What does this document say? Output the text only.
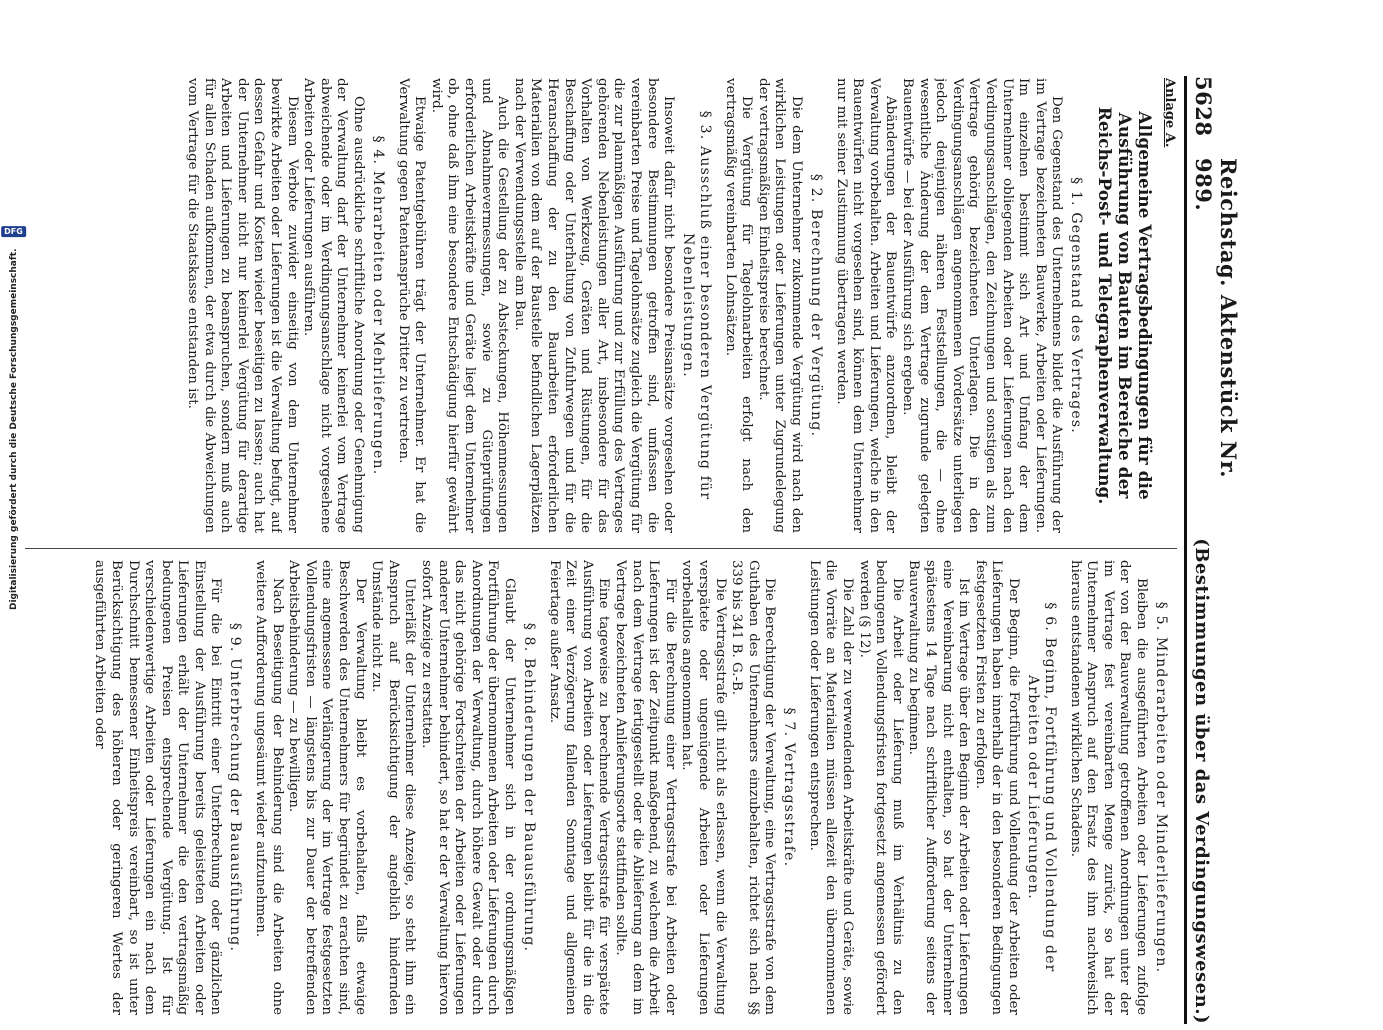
5628
Reichstag. Aktenstück Nr. 989.
(Bestimmungen über das Verdingungswesen.)

Anlage A.

Allgemeine Vertragsbedingungen für die Ausführung von Bauten im Bereiche der Reichs-Post- und Telegraphenverwaltung.

§ 1. Gegenstand des Vertrages.

Den Gegenstand des Unternehmens bildet die Ausführung der im Vertrage bezeichneten Bauwerke, Arbeiten oder Lieferungen. Im einzelnen bestimmt sich Art und Umfang der dem Unternehmer obliegenden Arbeiten oder Lieferungen nach den Verdingungsanschlägen, den Zeichnungen und sonstigen als zum Vertrage gehörig bezeichneten Unterlagen. Die in den Verdingungsanschlägen angenommenen Vordersätze unterliegen jedoch denjenigen näheren Feststellungen, die — ohne wesentliche Änderung der dem Vertrage zugrunde gelegten Bauentwürfe — bei der Ausführung sich ergeben.

Abänderungen der Bauentwürfe anzuordnen, bleibt der Verwaltung vorbehalten. Arbeiten und Lieferungen, welche in den Bauentwürfen nicht vorgesehen sind, können dem Unternehmer nur mit seiner Zustimmung übertragen werden.

§ 2. Berechnung der Vergütung.

Die dem Unternehmer zukommende Vergütung wird nach den wirklichen Leistungen oder Lieferungen unter Zugrundelegung der vertragsmäßigen Einheitspreise berechnet.

Die Vergütung für Tagelohnarbeiten erfolgt nach den vertragsmäßig vereinbarten Lohnsätzen.

§ 3. Ausschluß einer besonderen Vergütung für Nebenleistungen.

Insoweit dafür nicht besondere Preisansätze vorgesehen oder besondere Bestimmungen getroffen sind, umfassen die vereinbarten Preise und Tagelohnsätze zugleich die Vergütung für die zur planmäßigen Ausführung und zur Erfüllung des Vertrages gehörenden Nebenleistungen aller Art, insbesondere für das Vorhalten von Werkzeug, Geräten und Rüstungen, für die Beschaffung oder Unterhaltung von Zufuhrwegen und für die Heranschaffung der zu den Bauarbeiten erforderlichen Materialien von dem auf der Baustelle befindlichen Lagerplätzen nach der Verwendungsstelle am Bau.

Auch die Gestellung der zu Absteckungen, Höhenmessungen und Abnahmevermessungen, sowie zu Güteprüfungen erforderlichen Arbeitskräfte und Geräte liegt dem Unternehmer ob, ohne daß ihm eine besondere Entschädigung hierfür gewährt wird.

Etwaige Patentgebühren trägt der Unternehmer. Er hat die Verwaltung gegen Patentansprüche Dritter zu vertreten.

§ 4. Mehrarbeiten oder Mehrlieferungen.

Ohne ausdrückliche schriftliche Anordnung oder Genehmigung der Verwaltung darf der Unternehmer keinerlei vom Vertrage abweichende oder im Verdingungsanschlage nicht vorgesehene Arbeiten oder Lieferungen ausführen.

Diesem Verbote zuwider einseitig von dem Unternehmer bewirkte Arbeiten oder Lieferungen ist die Verwaltung befugt, auf dessen Gefahr und Kosten wieder beseitigen zu lassen; auch hat der Unternehmer nicht nur keinerlei Vergütung für derartige Arbeiten und Lieferungen zu beanspruchen, sondern muß auch für allen Schaden aufkommen, der etwa durch die Abweichungen vom Vertrage für die Staatskasse entstanden ist.

§ 5. Minderarbeiten oder Minderlieferungen.

Bleiben die ausgeführten Arbeiten oder Lieferungen zufolge der von der Bauverwaltung getroffenen Anordnungen unter der im Vertrage fest vereinbarten Menge zurück, so hat der Unternehmer Anspruch auf den Ersatz des ihm nachweislich hieraus entstandenen wirklichen Schadens.

§ 6. Beginn, Fortführung und Vollendung der Arbeiten oder Lieferungen.

Der Beginn, die Fortführung und Vollendung der Arbeiten oder Lieferungen haben innerhalb der in den besonderen Bedingungen festgesetzten Fristen zu erfolgen.

Ist im Vertrage über den Beginn der Arbeiten oder Lieferungen eine Vereinbarung nicht enthalten, so hat der Unternehmer spätestens 14 Tage nach schriftlicher Aufforderung seitens der Bauverwaltung zu beginnen.

Die Arbeit oder Lieferung muß im Verhältnis zu den bedungenen Vollendungsfristen fortgesetzt angemessen gefördert werden (§ 12).

Die Zahl der zu verwendenden Arbeitskräfte und Geräte, sowie die Vorräte an Materialien müssen allezeit den übernommenen Leistungen oder Lieferungen entsprechen.

§ 7. Vertragsstrafe.

Die Berechtigung der Verwaltung, eine Vertragsstrafe von dem Guthaben des Unternehmers einzubehalten, richtet sich nach §§ 339 bis 341 B. G.-B.

Die Vertragsstrafe gilt nicht als erlassen, wenn die Verwaltung verspätete oder ungenügende Arbeiten oder Lieferungen vorbehaltlos angenommen hat.

Für die Berechnung einer Vertragsstrafe bei Arbeiten oder Lieferungen ist der Zeitpunkt maßgebend, zu welchem die Arbeit nach dem Vertrage fertiggestellt oder die Ablieferung an dem im Vertrage bezeichneten Anlieferungsorte stattfinden sollte.

Eine tageweise zu berechnende Vertragsstrafe für verspätete Ausführung von Arbeiten oder Lieferungen bleibt für die in die Zeit einer Verzögerung fallenden Sonntage und allgemeinen Feiertage außer Ansatz.

§ 8. Behinderungen der Bauausführung.

Glaubt der Unternehmer sich in der ordnungsmäßigen Fortführung der übernommenen Arbeiten oder Lieferungen durch Anordnungen der Verwaltung, durch höhere Gewalt oder durch das nicht gehörige Fortschreiten der Arbeiten oder Lieferungen anderer Unternehmer behindert, so hat er der Verwaltung hiervon sofort Anzeige zu erstatten.

Unterläßt der Unternehmer diese Anzeige, so steht ihm ein Anspruch auf Berücksichtigung der angeblich hindernden Umstände nicht zu.

Der Verwaltung bleibt es vorbehalten, falls etwaige Beschwerden des Unternehmers für begründet zu erachten sind, eine angemessene Verlängerung der im Vertrage festgesetzten Vollendungsfristen — längstens bis zur Dauer der betreffenden Arbeitsbehinderung — zu bewilligen.

Nach Beseitigung der Behinderung sind die Arbeiten ohne weitere Aufforderung ungesäumt wieder aufzunehmen.

§ 9. Unterbrechung der Bauausführung.

Für die bei Eintritt einer Unterbrechung oder gänzlichen Einstellung der Ausführung bereits geleisteten Arbeiten oder Lieferungen erhält der Unternehmer die den vertragsmäßig bedungenen Preisen entsprechende Vergütung. Ist für verschiedenwertige Arbeiten oder Lieferungen ein nach dem Durchschnitt bemessener Einheitspreis vereinbart, so ist unter Berücksichtigung des höheren oder geringeren Wertes der ausgeführten Arbeiten oder

Digitalisierung gefördert durch die Deutsche Forschungsgemeinschaft.
DFG
